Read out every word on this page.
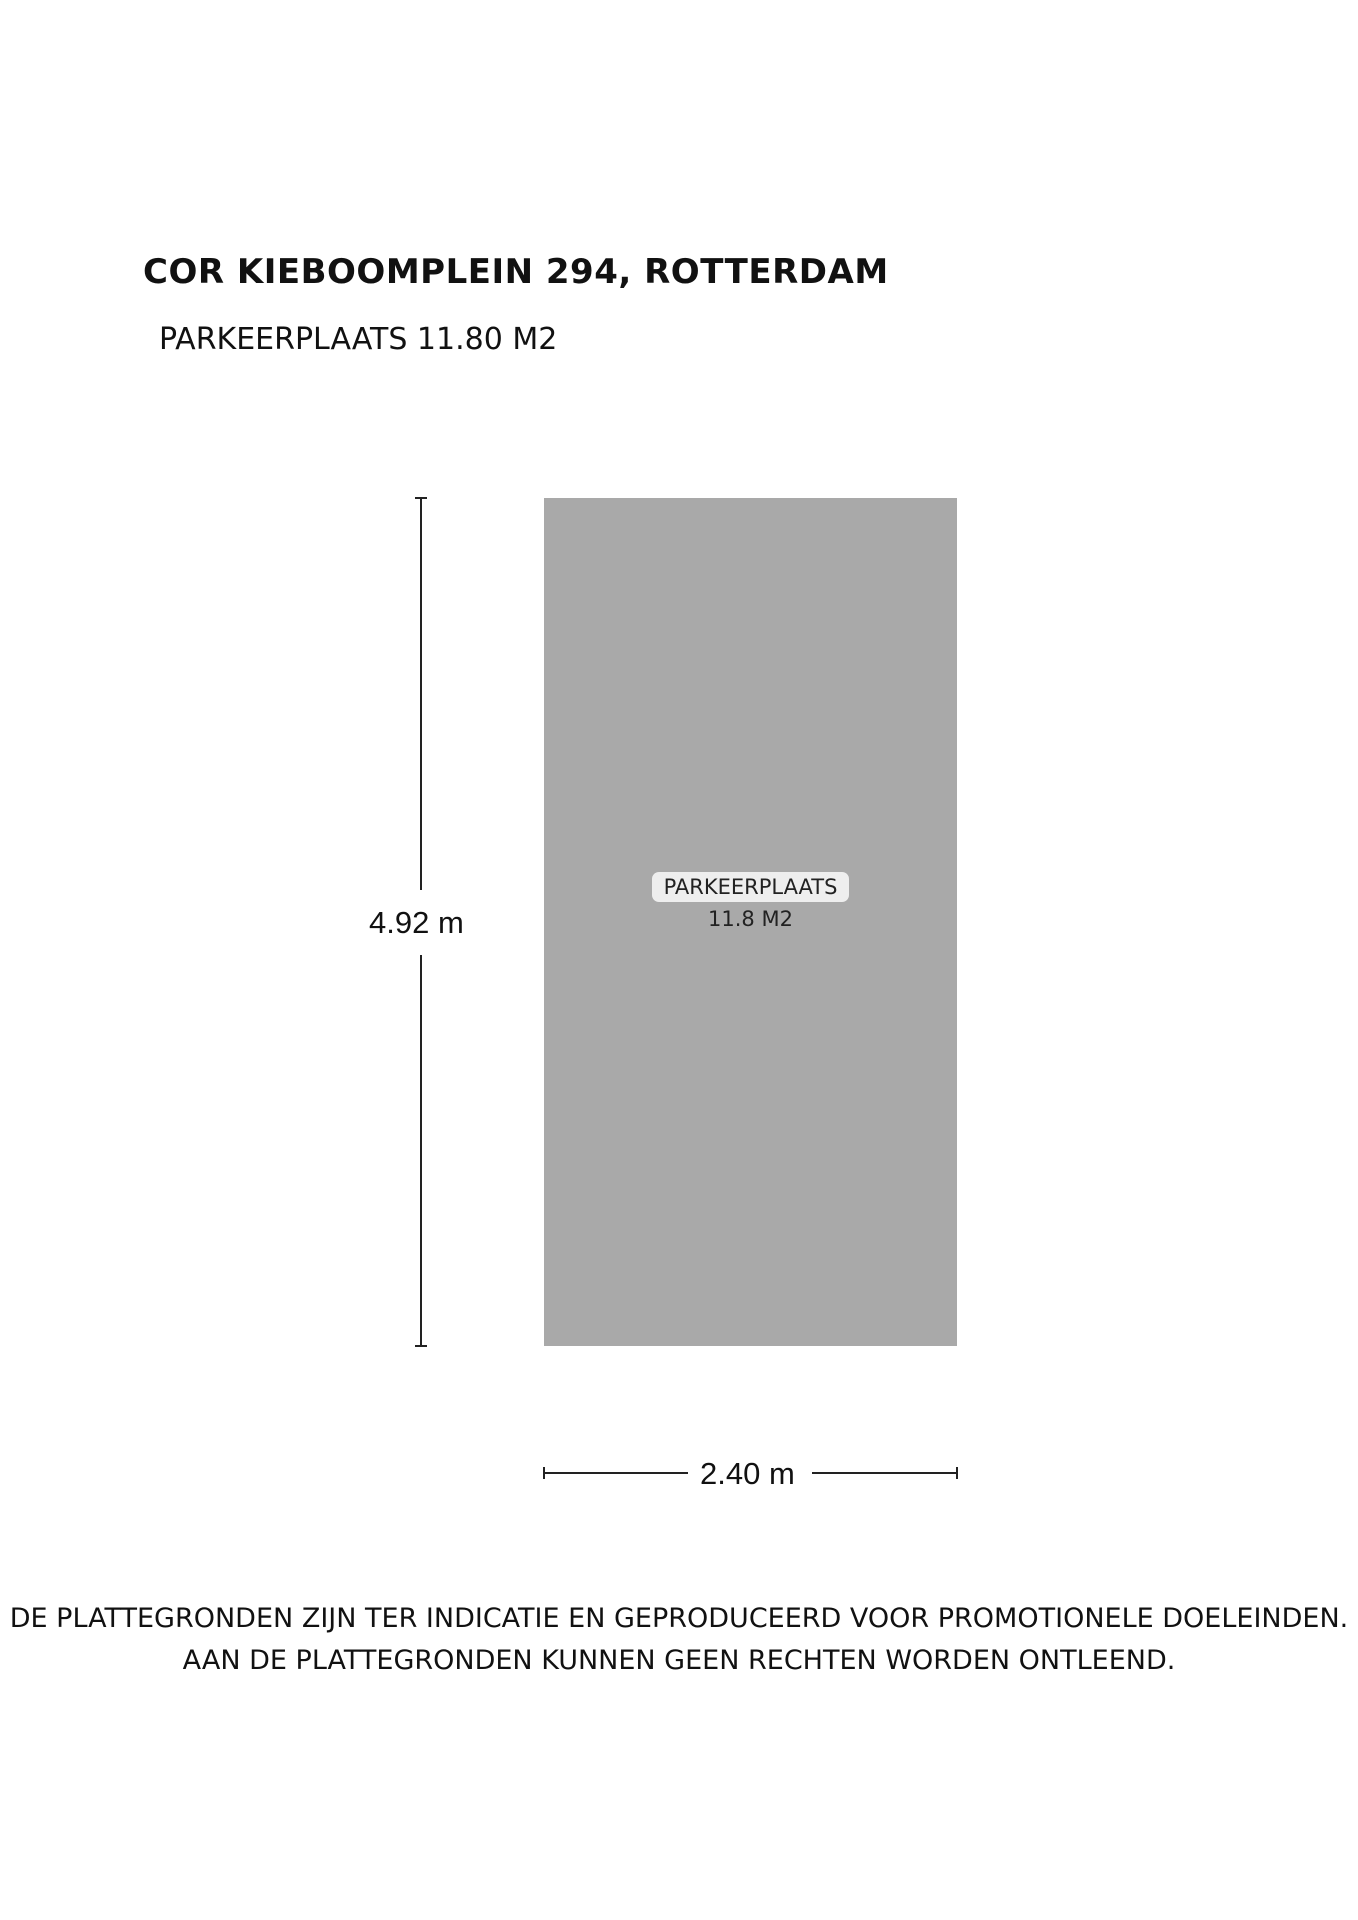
COR KIEBOOMPLEIN 294, ROTTERDAM
PARKEERPLAATS 11.80 M2
PARKEERPLAATS
11.8 M2
4.92 m
2.40 m
DE PLATTEGRONDEN ZIJN TER INDICATIE EN GEPRODUCEERD VOOR PROMOTIONELE DOELEINDEN.
AAN DE PLATTEGRONDEN KUNNEN GEEN RECHTEN WORDEN ONTLEEND.
